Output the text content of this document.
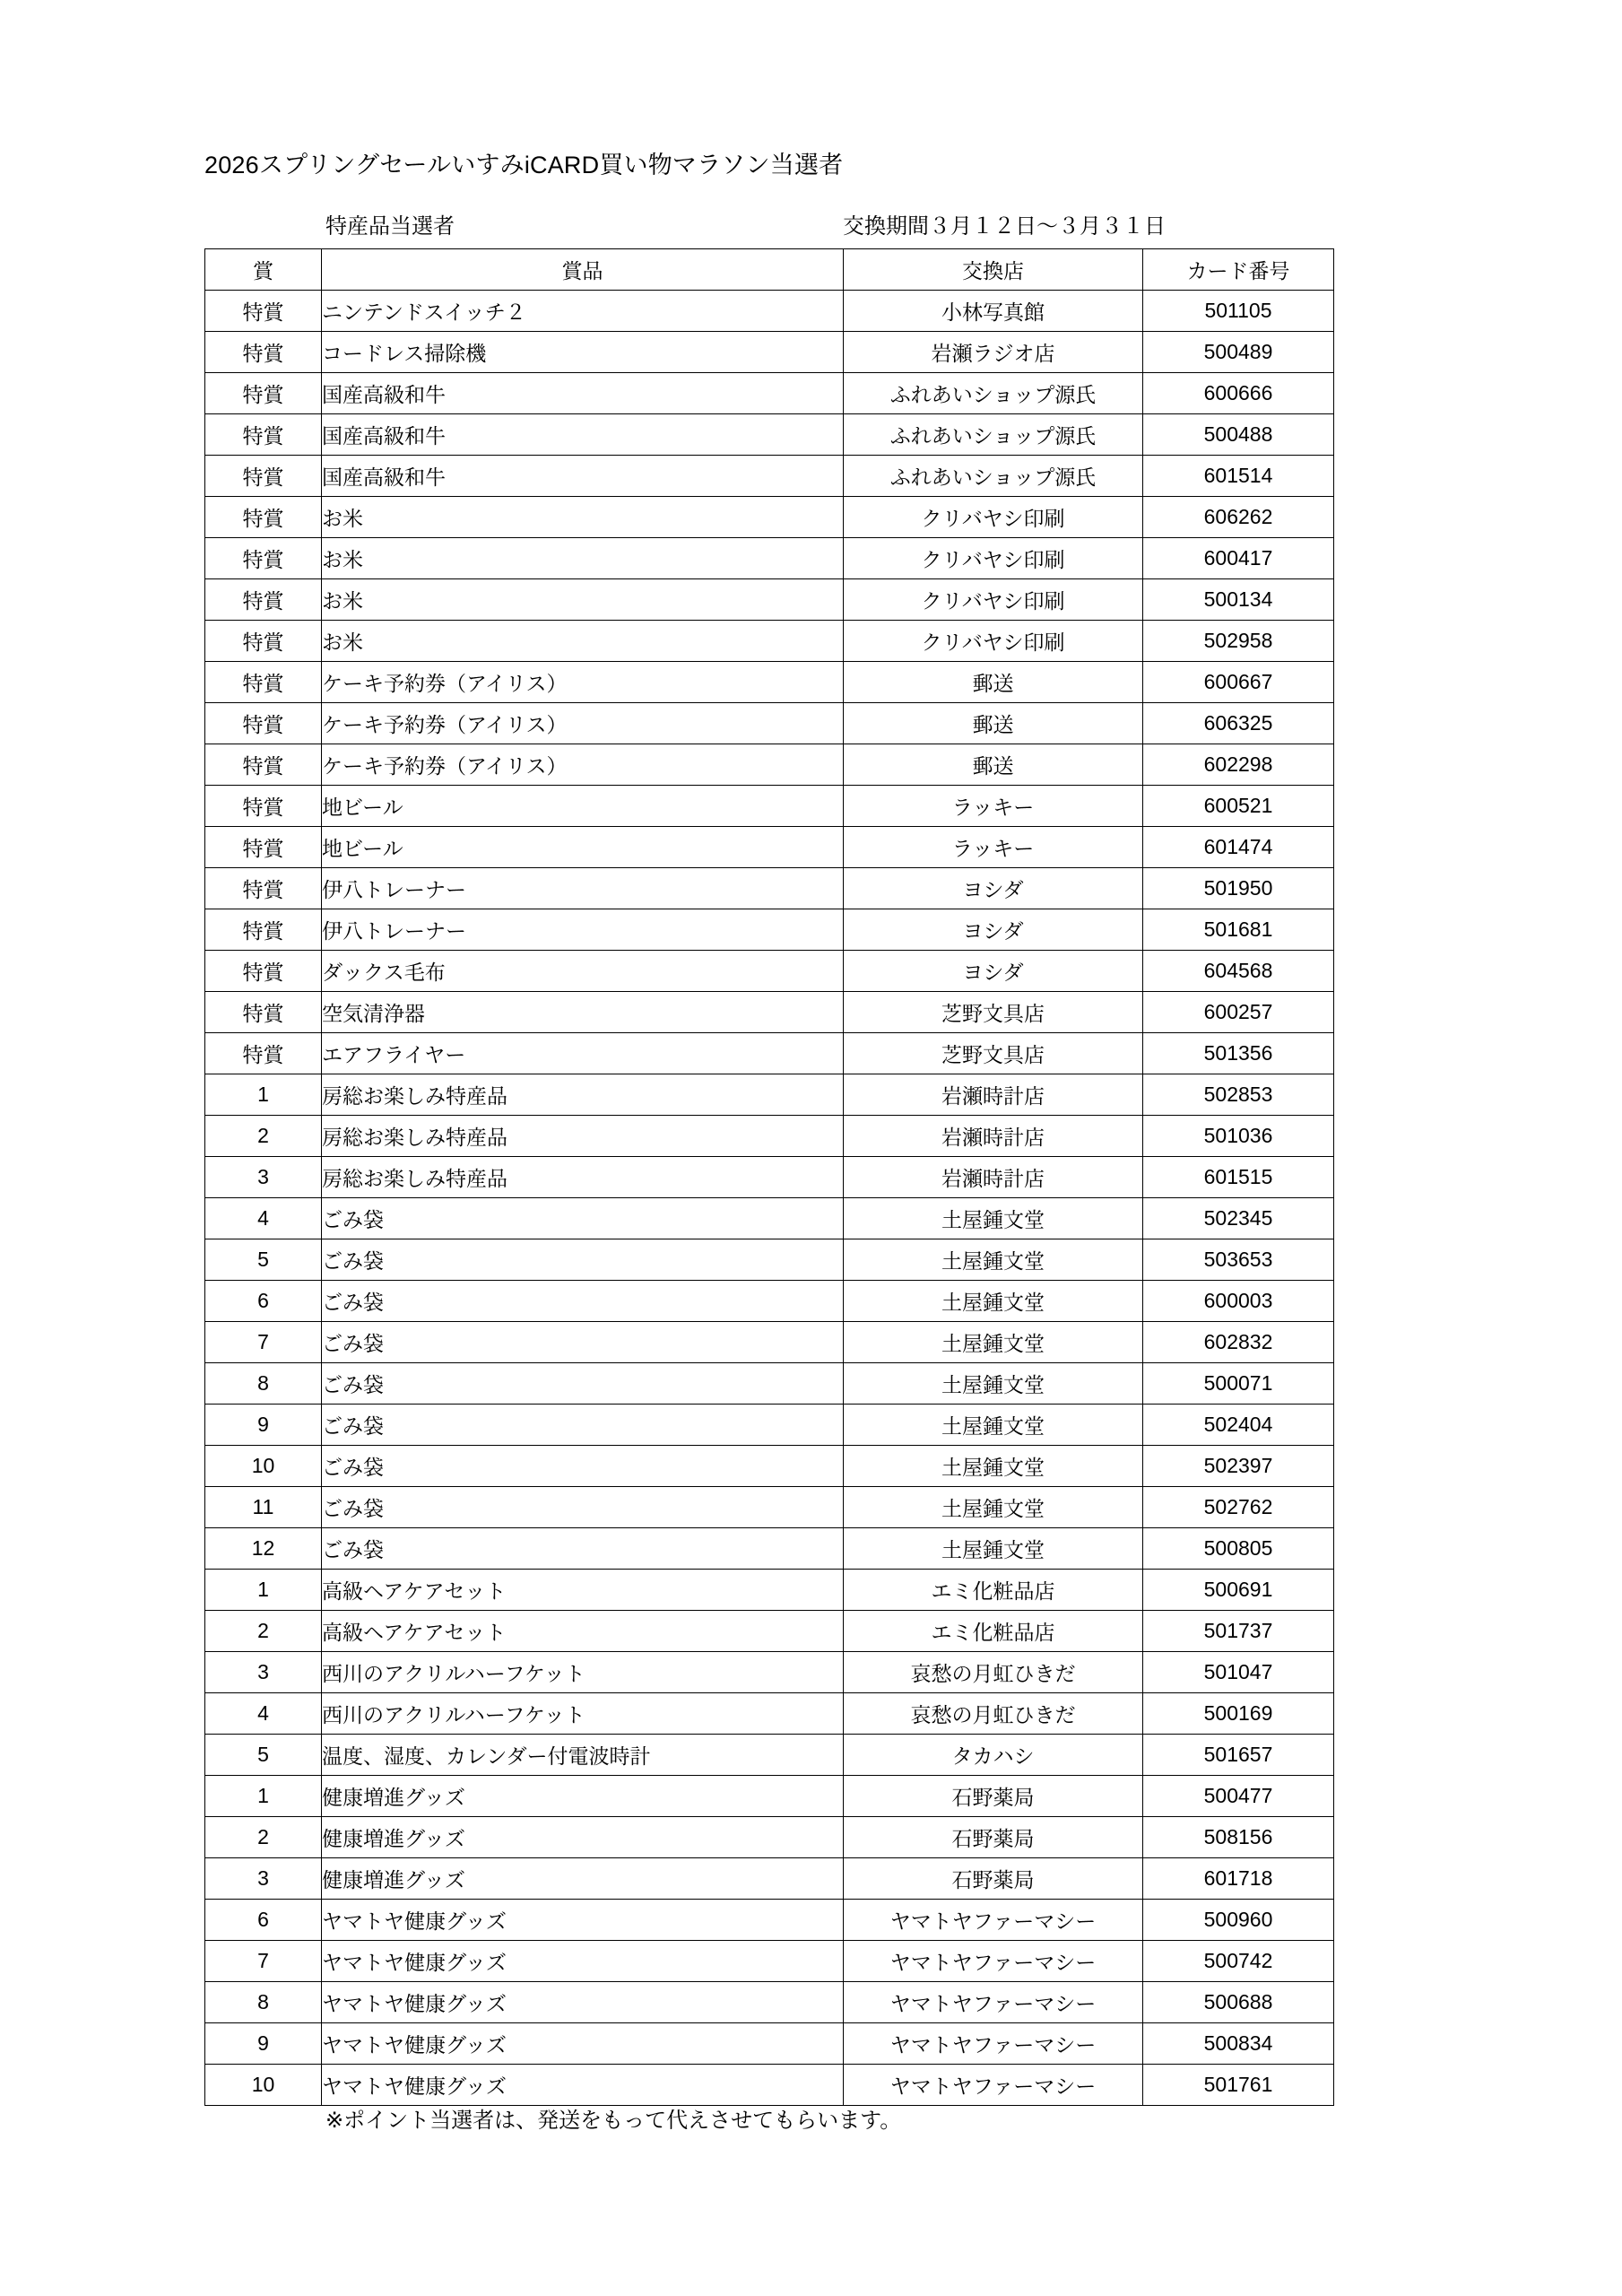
2026スプリングセールいすみiCARD買い物マラソン当選者
特産品当選者	交換期間３月１２日〜３月３１日
賞	賞品	交換店	カード番号
特賞	ニンテンドスイッチ２	小林写真館	501105
特賞	コードレス掃除機	岩瀬ラジオ店	500489
特賞	国産高級和牛	ふれあいショップ源氏	600666
特賞	国産高級和牛	ふれあいショップ源氏	500488
特賞	国産高級和牛	ふれあいショップ源氏	601514
特賞	お米	クリバヤシ印刷	606262
特賞	お米	クリバヤシ印刷	600417
特賞	お米	クリバヤシ印刷	500134
特賞	お米	クリバヤシ印刷	502958
特賞	ケーキ予約券（アイリス）	郵送	600667
特賞	ケーキ予約券（アイリス）	郵送	606325
特賞	ケーキ予約券（アイリス）	郵送	602298
特賞	地ビール	ラッキー	600521
特賞	地ビール	ラッキー	601474
特賞	伊八トレーナー	ヨシダ	501950
特賞	伊八トレーナー	ヨシダ	501681
特賞	ダックス毛布	ヨシダ	604568
特賞	空気清浄器	芝野文具店	600257
特賞	エアフライヤー	芝野文具店	501356
1	房総お楽しみ特産品	岩瀬時計店	502853
2	房総お楽しみ特産品	岩瀬時計店	501036
3	房総お楽しみ特産品	岩瀬時計店	601515
4	ごみ袋	土屋鍾文堂	502345
5	ごみ袋	土屋鍾文堂	503653
6	ごみ袋	土屋鍾文堂	600003
7	ごみ袋	土屋鍾文堂	602832
8	ごみ袋	土屋鍾文堂	500071
9	ごみ袋	土屋鍾文堂	502404
10	ごみ袋	土屋鍾文堂	502397
11	ごみ袋	土屋鍾文堂	502762
12	ごみ袋	土屋鍾文堂	500805
1	高級ヘアケアセット	エミ化粧品店	500691
2	高級ヘアケアセット	エミ化粧品店	501737
3	西川のアクリルハーフケット	哀愁の月虹ひきだ	501047
4	西川のアクリルハーフケット	哀愁の月虹ひきだ	500169
5	温度、湿度、カレンダー付電波時計	タカハシ	501657
1	健康増進グッズ	石野薬局	500477
2	健康増進グッズ	石野薬局	508156
3	健康増進グッズ	石野薬局	601718
6	ヤマトヤ健康グッズ	ヤマトヤファーマシー	500960
7	ヤマトヤ健康グッズ	ヤマトヤファーマシー	500742
8	ヤマトヤ健康グッズ	ヤマトヤファーマシー	500688
9	ヤマトヤ健康グッズ	ヤマトヤファーマシー	500834
10	ヤマトヤ健康グッズ	ヤマトヤファーマシー	501761
※ポイント当選者は、発送をもって代えさせてもらいます。
